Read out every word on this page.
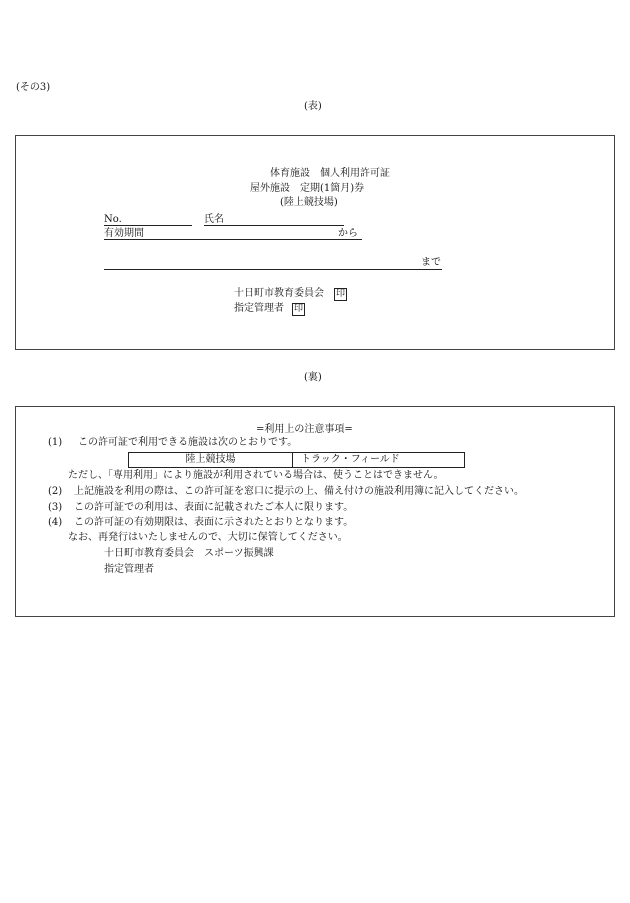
(その3)
(表)
体育施設　個人利用許可証
屋外施設　定期(1箇月)券
(陸上競技場)
No.	氏名
有効期間	から
まで
十日町市教育委員会 印
指定管理者 印
(裏)
=利用上の注意事項=
(1) この許可証で利用できる施設は次のとおりです。
陸上競技場	トラック・フィールド
ただし、「専用利用」により施設が利用されている場合は、使うことはできません。
(2) 上記施設を利用の際は、この許可証を窓口に提示の上、備え付けの施設利用簿に記入してください。
(3) この許可証での利用は、表面に記載されたご本人に限ります。
(4) この許可証の有効期限は、表面に示されたとおりとなります。
なお、再発行はいたしませんので、大切に保管してください。
十日町市教育委員会　スポーツ振興課
指定管理者
